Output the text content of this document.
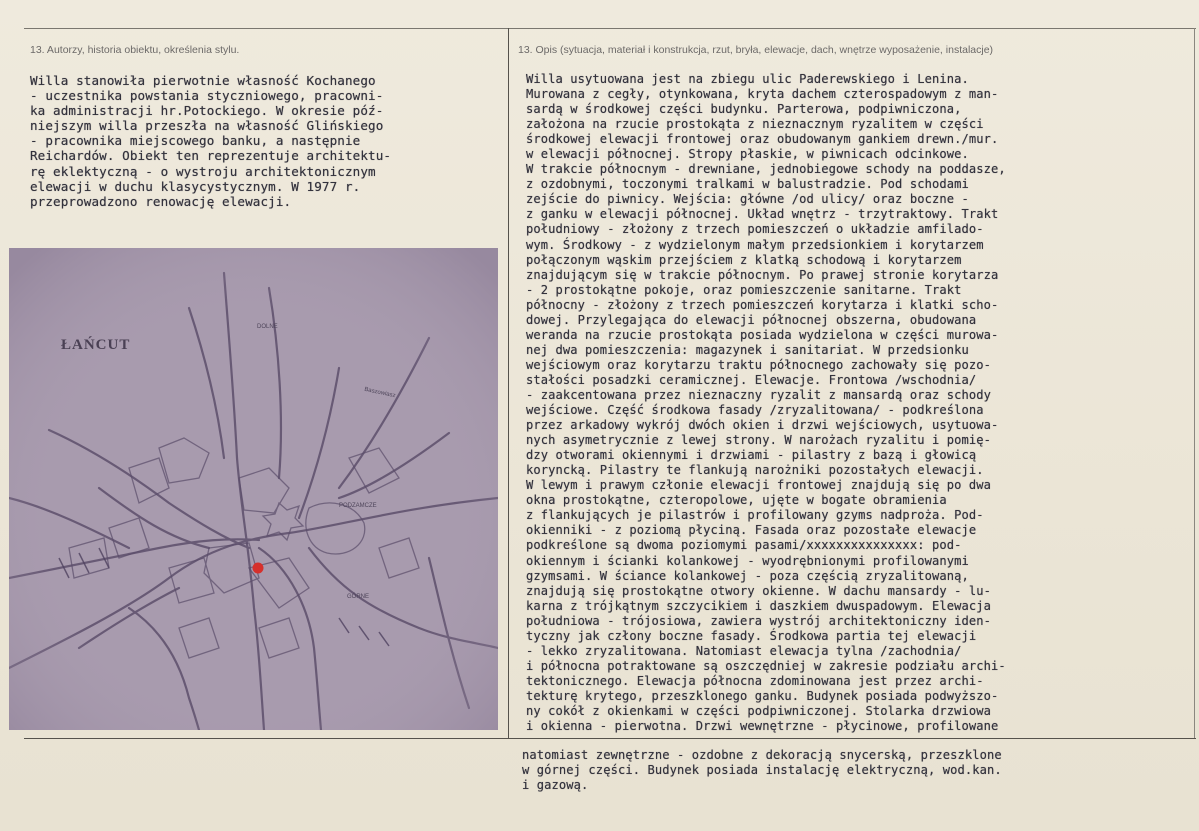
13. Autorzy, historia obiektu, określenia stylu.	13. Opis (sytuacja, materiał i konstrukcja, rzut, bryła, elewacje, dach, wnętrze wyposażenie, instalacje)
Willa stanowiła pierwotnie własność Kochanego
- uczestnika powstania styczniowego, pracowni-
ka administracji hr.Potockiego. W okresie póź-
niejszym willa przeszła na własność Glińskiego
- pracownika miejscowego banku, a następnie
Reichardów. Obiekt ten reprezentuje architektu-
rę eklektyczną - o wystroju architektonicznym
elewacji w duchu klasycystycznym. W 1977 r.
przeprowadzono renowację elewacji.
ŁAŃCUT
DOLNE
Baszowiasz
GÓRNE
PODZAMCZE
Willa usytuowana jest na zbiegu ulic Paderewskiego i Lenina.
Murowana z cegły, otynkowana, kryta dachem czterospadowym z man-
sardą w środkowej części budynku. Parterowa, podpiwniczona,
założona na rzucie prostokąta z nieznacznym ryzalitem w części
środkowej elewacji frontowej oraz obudowanym gankiem drewn./mur.
w elewacji północnej. Stropy płaskie, w piwnicach odcinkowe.
W trakcie północnym - drewniane, jednobiegowe schody na poddasze,
z ozdobnymi, toczonymi tralkami w balustradzie. Pod schodami
zejście do piwnicy. Wejścia: główne /od ulicy/ oraz boczne -
z ganku w elewacji północnej. Układ wnętrz - trzytraktowy. Trakt
południowy - złożony z trzech pomieszczeń o układzie amfilado-
wym. Środkowy - z wydzielonym małym przedsionkiem i korytarzem
połączonym wąskim przejściem z klatką schodową i korytarzem
znajdującym się w trakcie północnym. Po prawej stronie korytarza
- 2 prostokątne pokoje, oraz pomieszczenie sanitarne. Trakt
północny - złożony z trzech pomieszczeń korytarza i klatki scho-
dowej. Przylegająca do elewacji północnej obszerna, obudowana
weranda na rzucie prostokąta posiada wydzielona w części murowa-
nej dwa pomieszczenia: magazynek i sanitariat. W przedsionku
wejściowym oraz korytarzu traktu północnego zachowały się pozo-
stałości posadzki ceramicznej. Elewacje. Frontowa /wschodnia/
- zaakcentowana przez nieznaczny ryzalit z mansardą oraz schody
wejściowe. Część środkowa fasady /zryzalitowana/ - podkreślona
przez arkadowy wykrój dwóch okien i drzwi wejściowych, usytuowa-
nych asymetrycznie z lewej strony. W narożach ryzalitu i pomię-
dzy otworami okiennymi i drzwiami - pilastry z bazą i głowicą
koryncką. Pilastry te flankują narożniki pozostałych elewacji.
W lewym i prawym członie elewacji frontowej znajdują się po dwa
okna prostokątne, czteropolowe, ujęte w bogate obramienia
z flankujących je pilastrów i profilowany gzyms nadproża. Pod-
okienniki - z poziomą płyciną. Fasada oraz pozostałe elewacje
podkreślone są dwoma poziomymi pasami/xxxxxxxxxxxxxxx: pod-
okiennym i ścianki kolankowej - wyodrębnionymi profilowanymi
gzymsami. W ściance kolankowej - poza częścią zryzalitowaną,
znajdują się prostokątne otwory okienne. W dachu mansardy - lu-
karna z trójkątnym szczycikiem i daszkiem dwuspadowym. Elewacja
południowa - trójosiowa, zawiera wystrój architektoniczny iden-
tyczny jak człony boczne fasady. Środkowa partia tej elewacji
- lekko zryzalitowana. Natomiast elewacja tylna /zachodnia/
i północna potraktowane są oszczędniej w zakresie podziału archi-
tektonicznego. Elewacja północna zdominowana jest przez archi-
tekturę krytego, przeszklonego ganku. Budynek posiada podwyższo-
ny cokół z okienkami w części podpiwniczonej. Stolarka drzwiowa
i okienna - pierwotna. Drzwi wewnętrzne - płycinowe, profilowane
natomiast zewnętrzne - ozdobne z dekoracją snycerską, przeszklone
w górnej części. Budynek posiada instalację elektryczną, wod.kan.
i gazową.
